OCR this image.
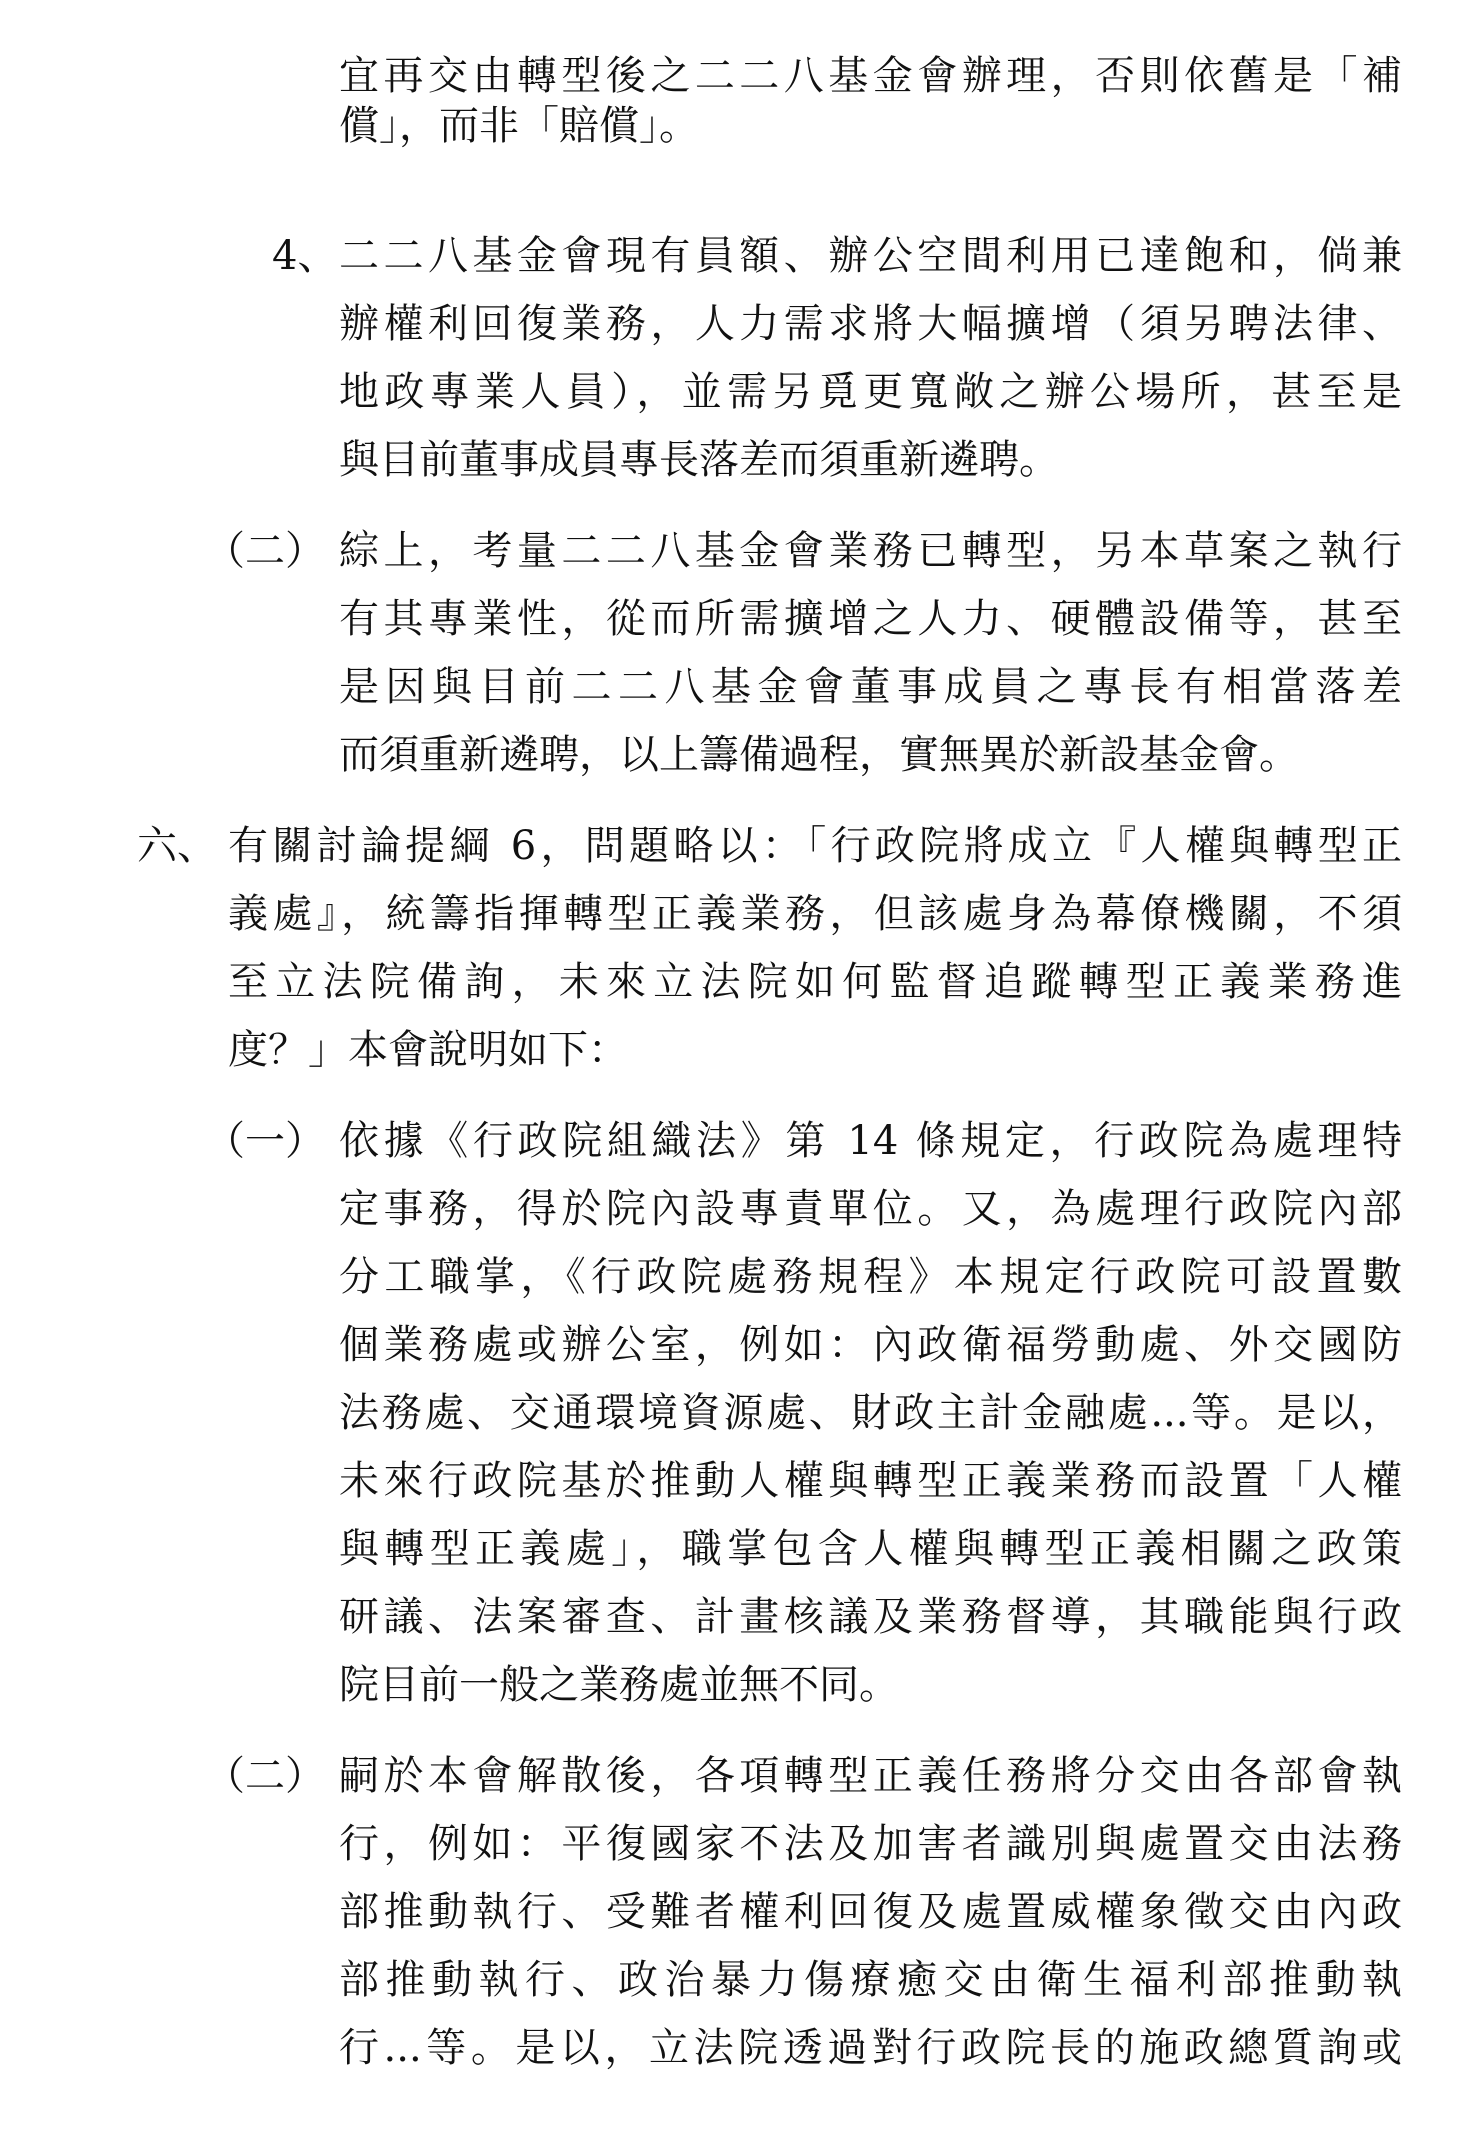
宜再交由轉型後之二二八基金會辦理，否則依舊是「補
償」，而非「賠償」。
4、 二二八基金會現有員額、辦公空間利用已達飽和，倘兼
辦權利回復業務，人力需求將大幅擴增（須另聘法律、
地政專業人員），並需另覓更寬敞之辦公場所，甚至是
與目前董事成員專長落差而須重新遴聘。
（二） 綜上，考量二二八基金會業務已轉型，另本草案之執行
有其專業性，從而所需擴增之人力、硬體設備等，甚至
是因與目前二二八基金會董事成員之專長有相當落差
而須重新遴聘，以上籌備過程，實無異於新設基金會。
六、 有關討論提綱 6，問題略以：「行政院將成立『人權與轉型正
義處』，統籌指揮轉型正義業務，但該處身為幕僚機關，不須
至立法院備詢，未來立法院如何監督追蹤轉型正義業務進
度？」本會說明如下：
（一） 依據《行政院組織法》第 14 條規定，行政院為處理特
定事務，得於院內設專責單位。又，為處理行政院內部
分工職掌，《行政院處務規程》本規定行政院可設置數
個業務處或辦公室，例如：內政衛福勞動處、外交國防
法務處、交通環境資源處、財政主計金融處...等。是以，
未來行政院基於推動人權與轉型正義業務而設置「人權
與轉型正義處」，職掌包含人權與轉型正義相關之政策
研議、法案審查、計畫核議及業務督導，其職能與行政
院目前一般之業務處並無不同。
（二） 嗣於本會解散後，各項轉型正義任務將分交由各部會執
行，例如：平復國家不法及加害者識別與處置交由法務
部推動執行、受難者權利回復及處置威權象徵交由內政
部推動執行、政治暴力傷療癒交由衛生福利部推動執
行...等。是以，立法院透過對行政院長的施政總質詢或
